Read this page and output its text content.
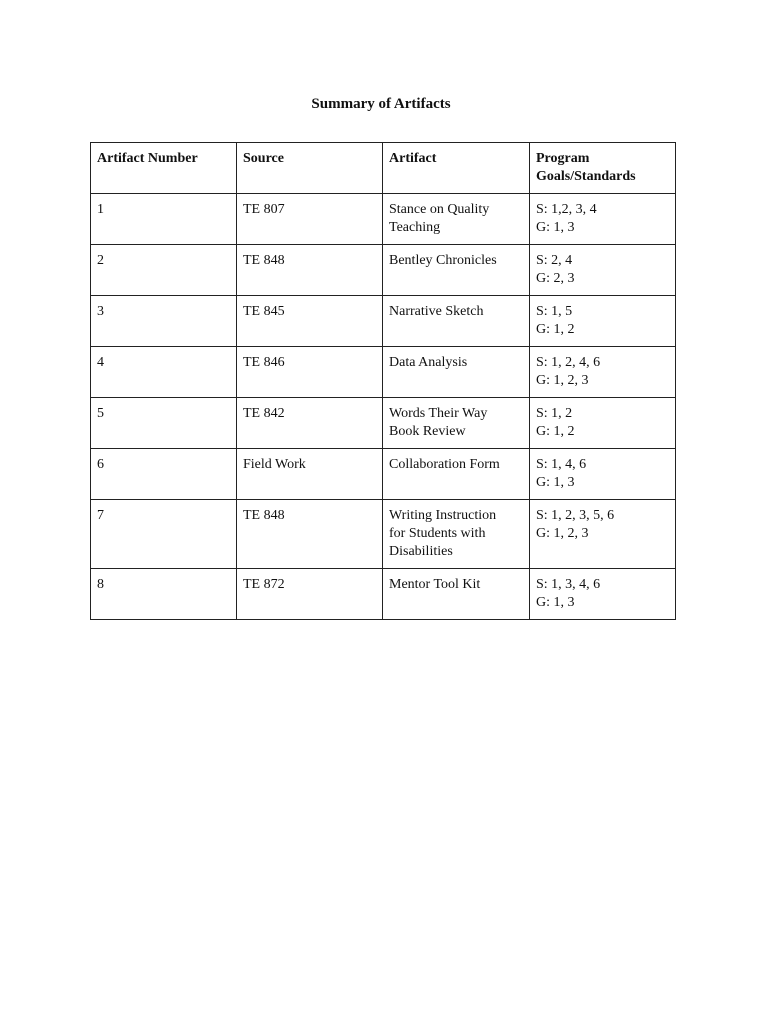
Summary of Artifacts
Artifact Number	Source	Artifact	Program
Goals/Standards

1	TE 807	Stance on Quality
Teaching	S: 1,2, 3, 4
G: 1, 3

2	TE 848	Bentley Chronicles	S: 2, 4
G: 2, 3

3	TE 845	Narrative Sketch	S: 1, 5
G: 1, 2

4	TE 846	Data Analysis	S: 1, 2, 4, 6
G: 1, 2, 3

5	TE 842	Words Their Way
Book Review	S: 1, 2
G: 1, 2

6	Field Work	Collaboration Form	S: 1, 4, 6
G: 1, 3

7	TE 848	Writing Instruction
for Students with
Disabilities	S: 1, 2, 3, 5, 6
G: 1, 2, 3

8	TE 872	Mentor Tool Kit	S: 1, 3, 4, 6
G: 1, 3
